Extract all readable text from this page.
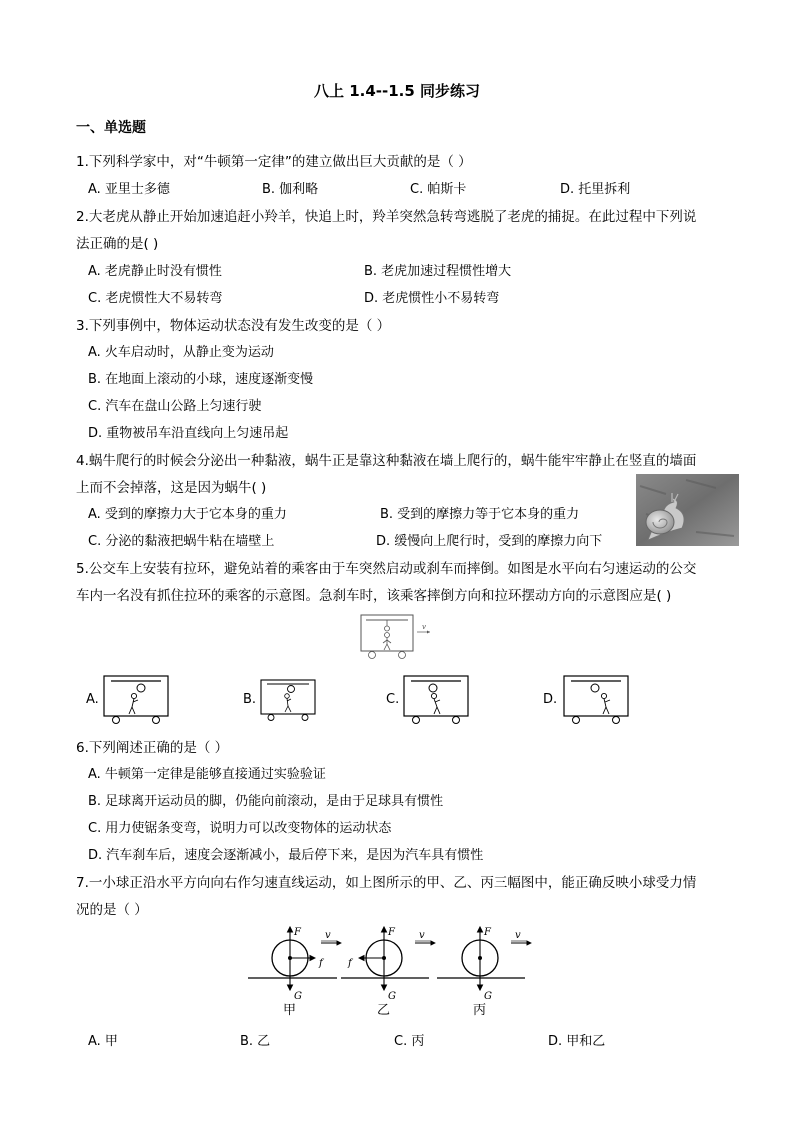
八上 1.4--1.5 同步练习
一、单选题
1.下列科学家中，对“牛顿第一定律”的建立做出巨大贡献的是（ ）
A. 亚里士多德	B. 伽利略	C. 帕斯卡	D. 托里拆利
2.大老虎从静止开始加速追赶小羚羊，快追上时，羚羊突然急转弯逃脱了老虎的捕捉。在此过程中下列说
法正确的是( )
A. 老虎静止时没有惯性	B. 老虎加速过程惯性增大
C. 老虎惯性大不易转弯	D. 老虎惯性小不易转弯
3.下列事例中，物体运动状态没有发生改变的是（ ）
A. 火车启动时，从静止变为运动
B. 在地面上滚动的小球，速度逐渐变慢
C. 汽车在盘山公路上匀速行驶
D. 重物被吊车沿直线向上匀速吊起
4.蜗牛爬行的时候会分泌出一种黏液，蜗牛正是靠这种黏液在墙上爬行的，蜗牛能牢牢静止在竖直的墙面
上而不会掉落，这是因为蜗牛( )
A. 受到的摩擦力大于它本身的重力	B. 受到的摩擦力等于它本身的重力
C. 分泌的黏液把蜗牛粘在墙壁上	D. 缓慢向上爬行时，受到的摩擦力向下
5.公交车上安装有拉环，避免站着的乘客由于车突然启动或刹车而摔倒。如图是水平向右匀速运动的公交
车内一名没有抓住拉环的乘客的示意图。急刹车时，该乘客摔倒方向和拉环摆动方向的示意图应是( )
v
A.	B.	C.	D.
6.下列阐述正确的是（ ）
A. 牛顿第一定律是能够直接通过实验验证
B. 足球离开运动员的脚，仍能向前滚动，是由于足球具有惯性
C. 用力使锯条变弯，说明力可以改变物体的运动状态
D. 汽车刹车后，速度会逐渐减小，最后停下来，是因为汽车具有惯性
7.一小球正沿水平方向向右作匀速直线运动，如上图所示的甲、乙、丙三幅图中，能正确反映小球受力情
况的是（ ）
F
G
f
v
甲
F
G
f
v
乙
F
G
v
丙
A. 甲	B. 乙	C. 丙	D. 甲和乙
